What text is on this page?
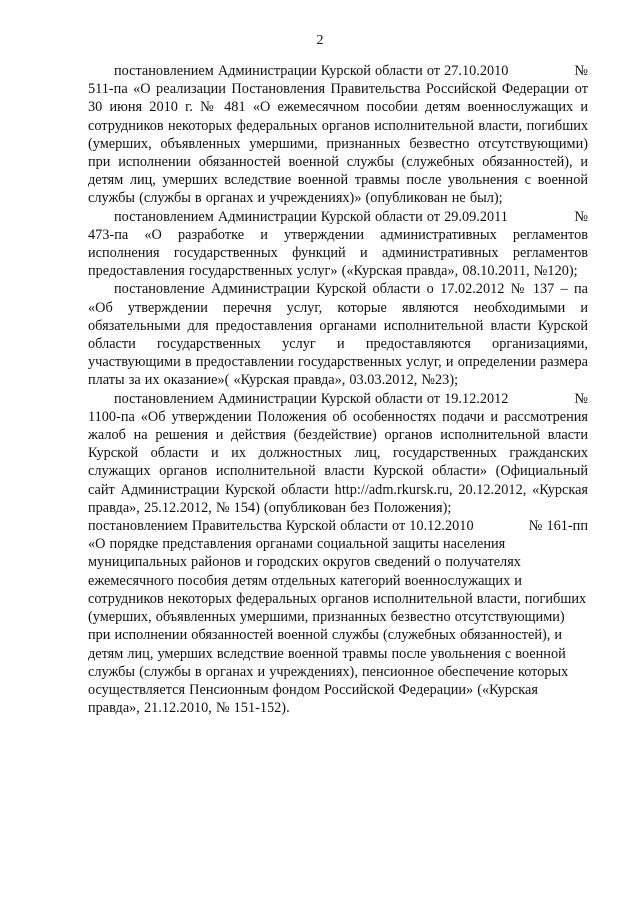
2
постановлением Администрации Курской области от 27.10.2010	№
511-па «О реализации Постановления Правительства Российской Федерации от 30 июня 2010 г. № 481 «О ежемесячном пособии детям военнослужащих и сотрудников некоторых федеральных органов исполнительной власти, погибших (умерших, объявленных умершими, признанных безвестно отсутствующими) при исполнении обязанностей военной службы (служебных обязанностей), и детям лиц, умерших вследствие военной травмы после увольнения с военной службы (службы в органах и учреждениях)» (опубликован не был);
постановлением Администрации Курской области от 29.09.2011	№
473-па «О разработке и утверждении административных регламентов исполнения государственных функций и административных регламентов предоставления государственных услуг» («Курская правда», 08.10.2011, №120);

постановление Администрации Курской области о 17.02.2012 № 137 – па «Об утверждении перечня услуг, которые являются необходимыми и обязательными для предоставления органами исполнительной власти Курской области государственных услуг и предоставляются организациями, участвующими в предоставлении государственных услуг, и определении размера платы за их оказание»( «Курская правда», 03.03.2012, №23);

постановлением Администрации Курской области от 19.12.2012	№
1100-па «Об утверждении Положения об особенностях подачи и рассмотрения жалоб на решения и действия (бездействие) органов исполнительной власти Курской области и их должностных лиц, государственных гражданских служащих органов исполнительной власти Курской области» (Официальный сайт Администрации Курской области http://adm.rkursk.ru, 20.12.2012, «Курская правда», 25.12.2012, № 154) (опубликован без Положения);
постановлением Правительства Курской области от 10.12.2010	№ 161-пп
«О порядке представления органами социальной защиты населения муниципальных районов и городских округов сведений о получателях ежемесячного пособия детям отдельных категорий военнослужащих и сотрудников некоторых федеральных органов исполнительной власти, погибших (умерших, объявленных умершими, признанных безвестно отсутствующими) при исполнении обязанностей военной службы (служебных обязанностей), и детям лиц, умерших вследствие военной травмы после увольнения с военной службы (службы в органах и учреждениях), пенсионное обеспечение которых осуществляется Пенсионным фондом Российской Федерации» («Курская правда», 21.12.2010, № 151-152).
